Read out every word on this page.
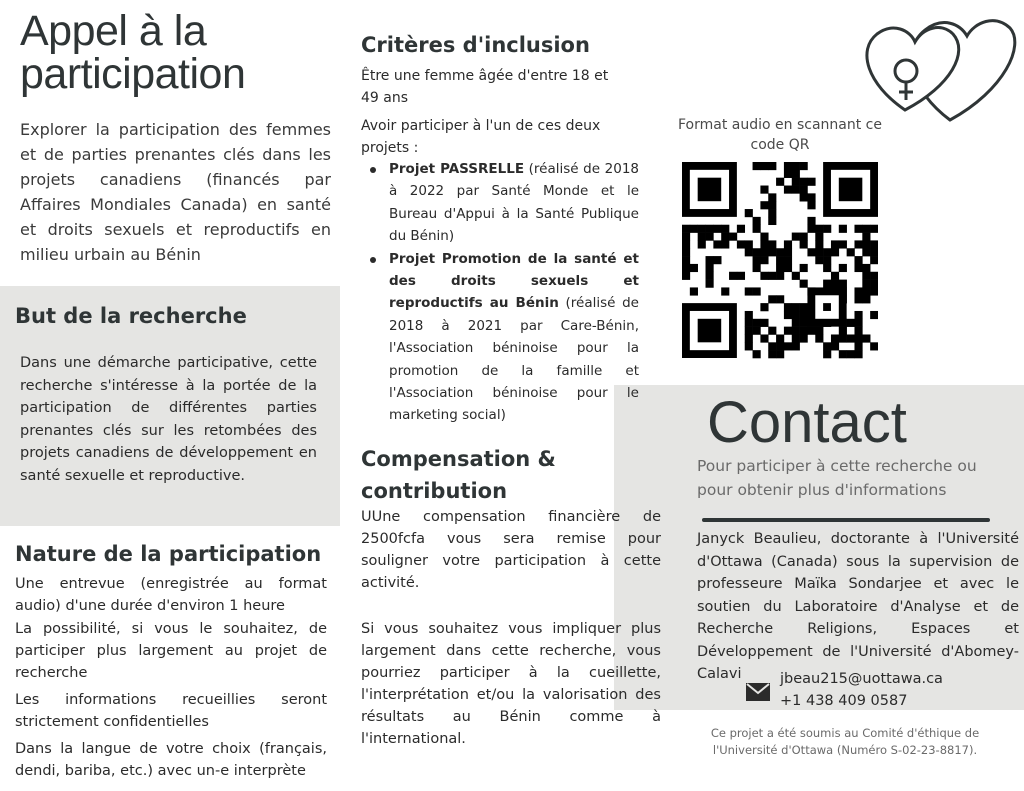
Appel à la
participation

Explorer la participation des femmes et de parties prenantes clés dans les projets canadiens (financés par Affaires Mondiales Canada) en santé et droits sexuels et reproductifs en milieu urbain au Bénin

But de la recherche

Dans une démarche participative, cette recherche s'intéresse à la portée de la participation de différentes parties prenantes clés sur les retombées des projets canadiens de développement en santé sexuelle et reproductive.

Nature de la participation

Une entrevue (enregistrée au format audio) d'une durée d'environ 1 heure

La possibilité, si vous le souhaitez, de participer plus largement au projet de recherche

Les informations recueillies seront strictement confidentielles

Dans la langue de votre choix (français, dendi, bariba, etc.) avec un-e interprète

Critères d'inclusion

Être une femme âgée d'entre 18 et 49 ans

Avoir participer à l'un de ces deux projets :

Projet PASSRELLE (réalisé de 2018 à 2022 par Santé Monde et le Bureau d'Appui à la Santé Publique du Bénin)
Projet Promotion de la santé et des droits sexuels et reproductifs au Bénin (réalisé de 2018 à 2021 par Care-Bénin, l'Association béninoise pour la promotion de la famille et l'Association béninoise pour le marketing social)
Compensation & contribution

UUne compensation financière de 2500fcfa vous sera remise pour souligner votre participation à cette activité.

Si vous souhaitez vous impliquer plus largement dans cette recherche, vous pourriez participer à la cueillette, l'interprétation et/ou la valorisation des résultats au Bénin comme à l'international.

Format audio en scannant ce code QR
Contact
Pour participer à cette recherche ou pour obtenir plus d'informations

Janyck Beaulieu, doctorante à l'Université d'Ottawa (Canada) sous la supervision de professeure Maïka Sondarjee et avec le soutien du Laboratoire d'Analyse et de Recherche Religions, Espaces et Développement de l'Université d'Abomey-Calavi	jbeau215@uottawa.ca
+1 438 409 0587
Ce projet a été soumis au Comité d'éthique de l'Université d'Ottawa (Numéro S-02-23-8817).
